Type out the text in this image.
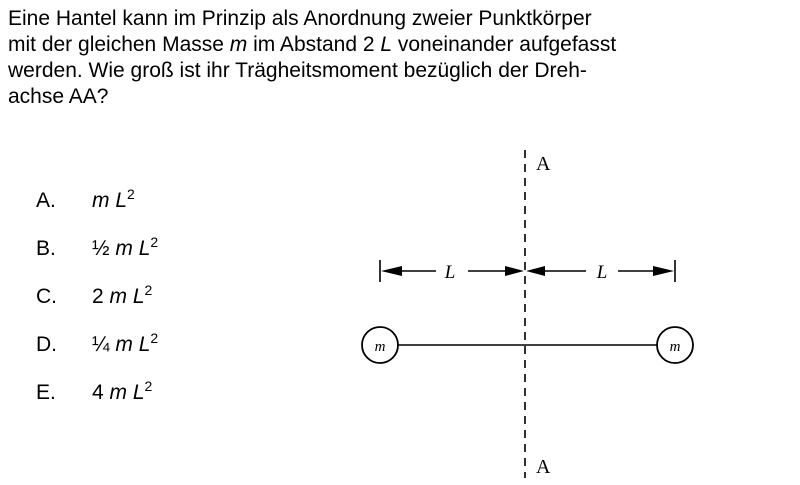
Eine Hantel kann im Prinzip als Anordnung zweier Punktkörper

mit der gleichen Masse m im Abstand 2 L voneinander aufgefasst

werden. Wie groß ist ihr Trägheitsmoment bezüglich der Dreh-

achse AA?

A.	m $L^2$
B.	½ m $L^2$
C.	2 m $L^2$
D.	¼ m $L^2$
E.	4 m $L^2$
A
A
L	L
m	m
